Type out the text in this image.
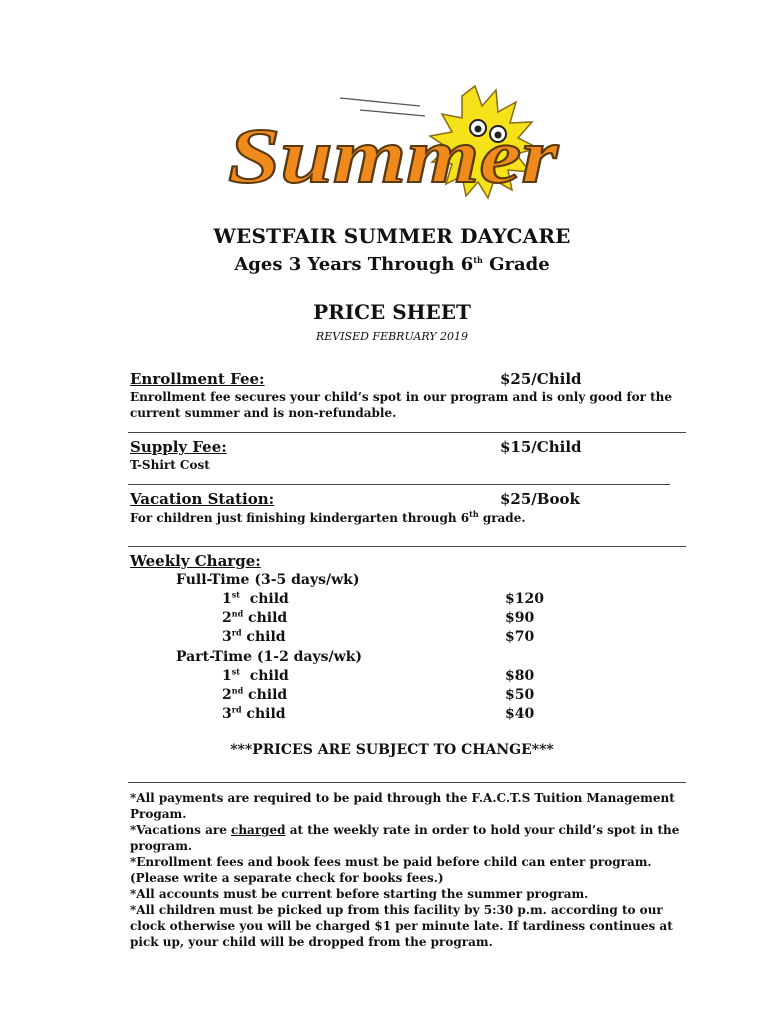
Summer
WESTFAIR SUMMER DAYCARE
Ages 3 Years Through 6th Grade
PRICE SHEET
REVISED FEBRUARY 2019
Enrollment Fee:	$25/Child
Enrollment fee secures your child’s spot in our program and is only good for the
current summer and is non-refundable.
Supply Fee:	$15/Child
T-Shirt Cost
Vacation Station:	$25/Book
For children just finishing kindergarten through 6th grade.
Weekly Charge:
Full-Time (3-5 days/wk)
1st  child	$120
2nd child	$90
3rd child	$70
Part-Time (1-2 days/wk)
1st  child	$80
2nd child	$50
3rd child	$40
***PRICES ARE SUBJECT TO CHANGE***

*All payments are required to be paid through the F.A.C.T.S Tuition Management

Progam.

*Vacations are charged at the weekly rate in order to hold your child’s spot in the

program.

*Enrollment fees and book fees must be paid before child can enter program.

(Please write a separate check for books fees.)

*All accounts must be current before starting the summer program.

*All children must be picked up from this facility by 5:30 p.m. according to our

clock otherwise you will be charged $1 per minute late. If tardiness continues at

pick up, your child will be dropped from the program.
